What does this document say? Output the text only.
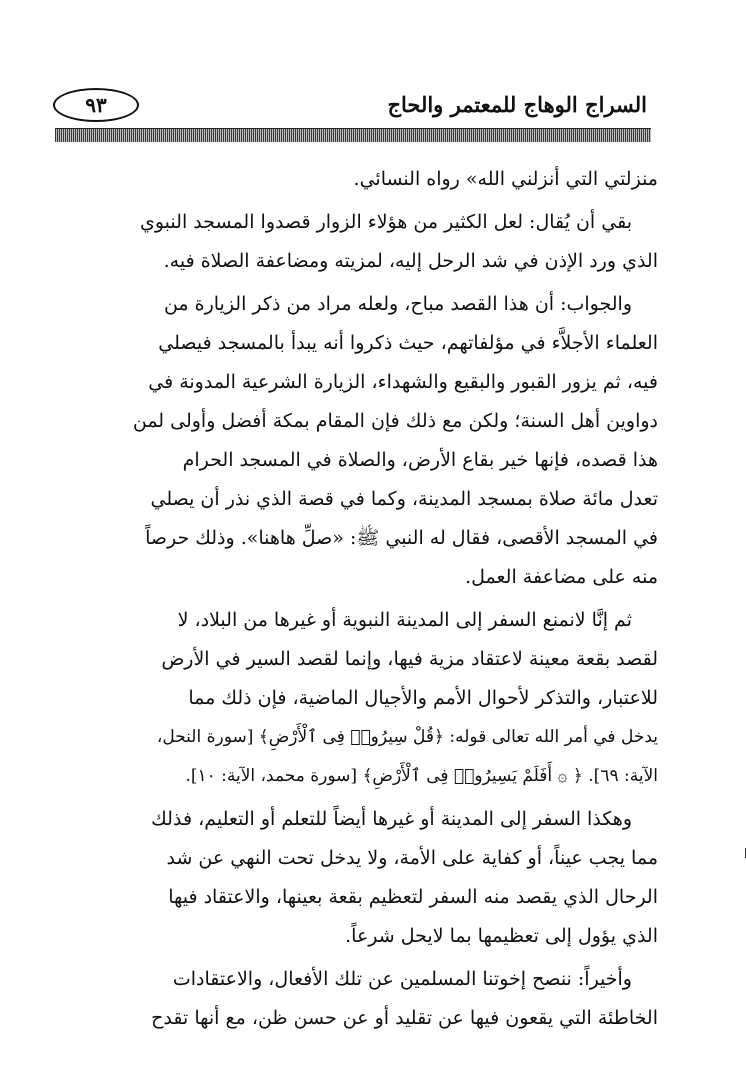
السراج الوهاج للمعتمر والحاج
٩٣
منزلتي التي أنزلني الله» رواه النسائي.
بقي أن يُقال: لعل الكثير من هؤلاء الزوار قصدوا المسجد النبوي
الذي ورد الإذن في شد الرحل إليه، لمزيته ومضاعفة الصلاة فيه.
والجواب: أن هذا القصد مباح، ولعله مراد من ذكر الزيارة من
العلماء الأجلاَّء في مؤلفاتهم، حيث ذكروا أنه يبدأ بالمسجد فيصلي
فيه، ثم يزور القبور والبقيع والشهداء، الزيارة الشرعية المدونة في
دواوين أهل السنة؛ ولكن مع ذلك فإن المقام بمكة أفضل وأولى لمن
هذا قصده، فإنها خير بقاع الأرض، والصلاة في المسجد الحرام
تعدل مائة صلاة بمسجد المدينة، وكما في قصة الذي نذر أن يصلي
في المسجد الأقصى، فقال له النبي ﷺ: «صلِّ هاهنا». وذلك حرصاً
منه على مضاعفة العمل.
ثم إنَّا لانمنع السفر إلى المدينة النبوية أو غيرها من البلاد، لا
لقصد بقعة معينة لاعتقاد مزية فيها، وإنما لقصد السير في الأرض
للاعتبار، والتذكر لأحوال الأمم والأجيال الماضية، فإن ذلك مما
يدخل في أمر الله تعالى قوله: ﴿قُلْ سِيرُوا۟ فِى ٱلْأَرْضِ﴾ [سورة النحل،
الآية: ٦٩]. ﴿ ۞ أَفَلَمْ يَسِيرُوا۟ فِى ٱلْأَرْضِ﴾ [سورة محمد، الآية: ١٠].
وهكذا السفر إلى المدينة أو غيرها أيضاً للتعلم أو التعليم، فذلك
مما يجب عيناً، أو كفاية على الأمة، ولا يدخل تحت النهي عن شد
الرحال الذي يقصد منه السفر لتعظيم بقعة بعينها، والاعتقاد فيها
الذي يؤول إلى تعظيمها بما لايحل شرعاً.
وأخيراً: ننصح إخوتنا المسلمين عن تلك الأفعال، والاعتقادات
الخاطئة التي يقعون فيها عن تقليد أو عن حسن ظن، مع أنها تقدح
